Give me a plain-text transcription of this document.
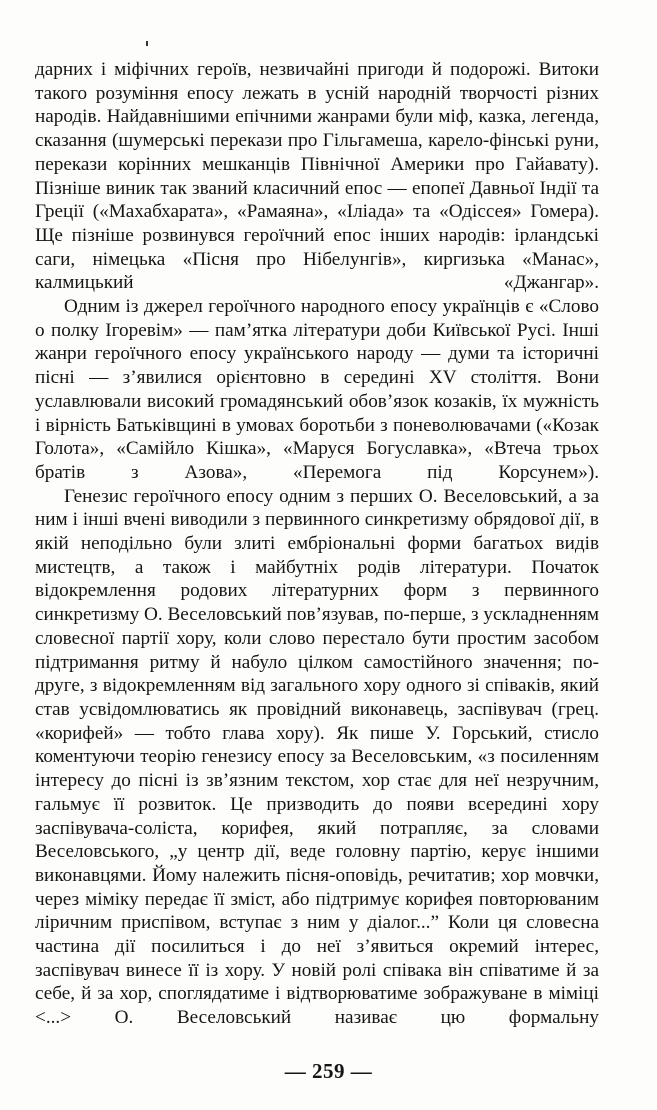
дарних і міфічних героїв, незвичайні пригоди й подорожі. Витоки такого розуміння епосу лежать в усній народній творчості різних народів. Найдавнішими епічними жанрами були міф, казка, легенда, сказання (шумерські перекази про Гільгамеша, карело-фінські руни, перекази корінних мешканців Північної Америки про Гайавату). Пізніше виник так званий класичний епос — епопеї Давньої Індії та Греції («Махабхарата», «Рамаяна», «Іліада» та «Одіссея» Гомера). Ще пізніше розвинувся героїчний епос інших народів: ірландські саги, німецька «Пісня про Нібелунгів», киргизька «Манас», калмицький «Джангар».

Одним із джерел героїчного народного епосу українців є «Слово о полку Ігоревім» — пам’ятка літератури доби Київської Русі. Інші жанри героїчного епосу українського народу — думи та історичні пісні — з’явилися орієнтовно в середині XV століття. Вони уславлювали високий громадянський обов’язок козаків, їх мужність і вірність Батьківщині в умовах боротьби з поневолювачами («Козак Голота», «Самійло Кішка», «Маруся Богуславка», «Втеча трьох братів з Азова», «Перемога під Корсунем»).

Генезис героїчного епосу одним з перших О. Веселовський, а за ним і інші вчені виводили з первинного синкретизму обрядової дії, в якій неподільно були злиті ембріональні форми багатьох видів мистецтв, а також і майбутніх родів літератури. Початок відокремлення родових літературних форм з первинного синкретизму О. Веселовський пов’язував, по-перше, з ускладненням словесної партії хору, коли слово перестало бути простим засобом підтримання ритму й набуло цілком самостійного значення; по-друге, з відокремленням від загального хору одного зі співаків, який став усвідомлюватись як провідний виконавець, заспівувач (грец. «корифей» — тобто глава хору). Як пише У. Горський, стисло коментуючи теорію генезису епосу за Веселовським, «з посиленням інтересу до пісні із зв’язним текстом, хор стає для неї незручним, гальмує її розвиток. Це призводить до появи всередині хору заспівувача-соліста, корифея, який потрапляє, за словами Веселовського, „у центр дії, веде головну партію, керує іншими виконавцями. Йому належить пісня-оповідь, речитатив; хор мовчки, через міміку передає її зміст, або підтримує корифея повторюваним ліричним приспівом, вступає з ним у діалог...” Коли ця словесна частина дії посилиться і до неї з’явиться окремий інтерес, заспівувач винесе її із хору. У новій ролі співака він співатиме й за себе, й за хор, споглядатиме і відтворюватиме зображуване в міміці <...> О. Веселовський називає цю формальну

— 259 —
